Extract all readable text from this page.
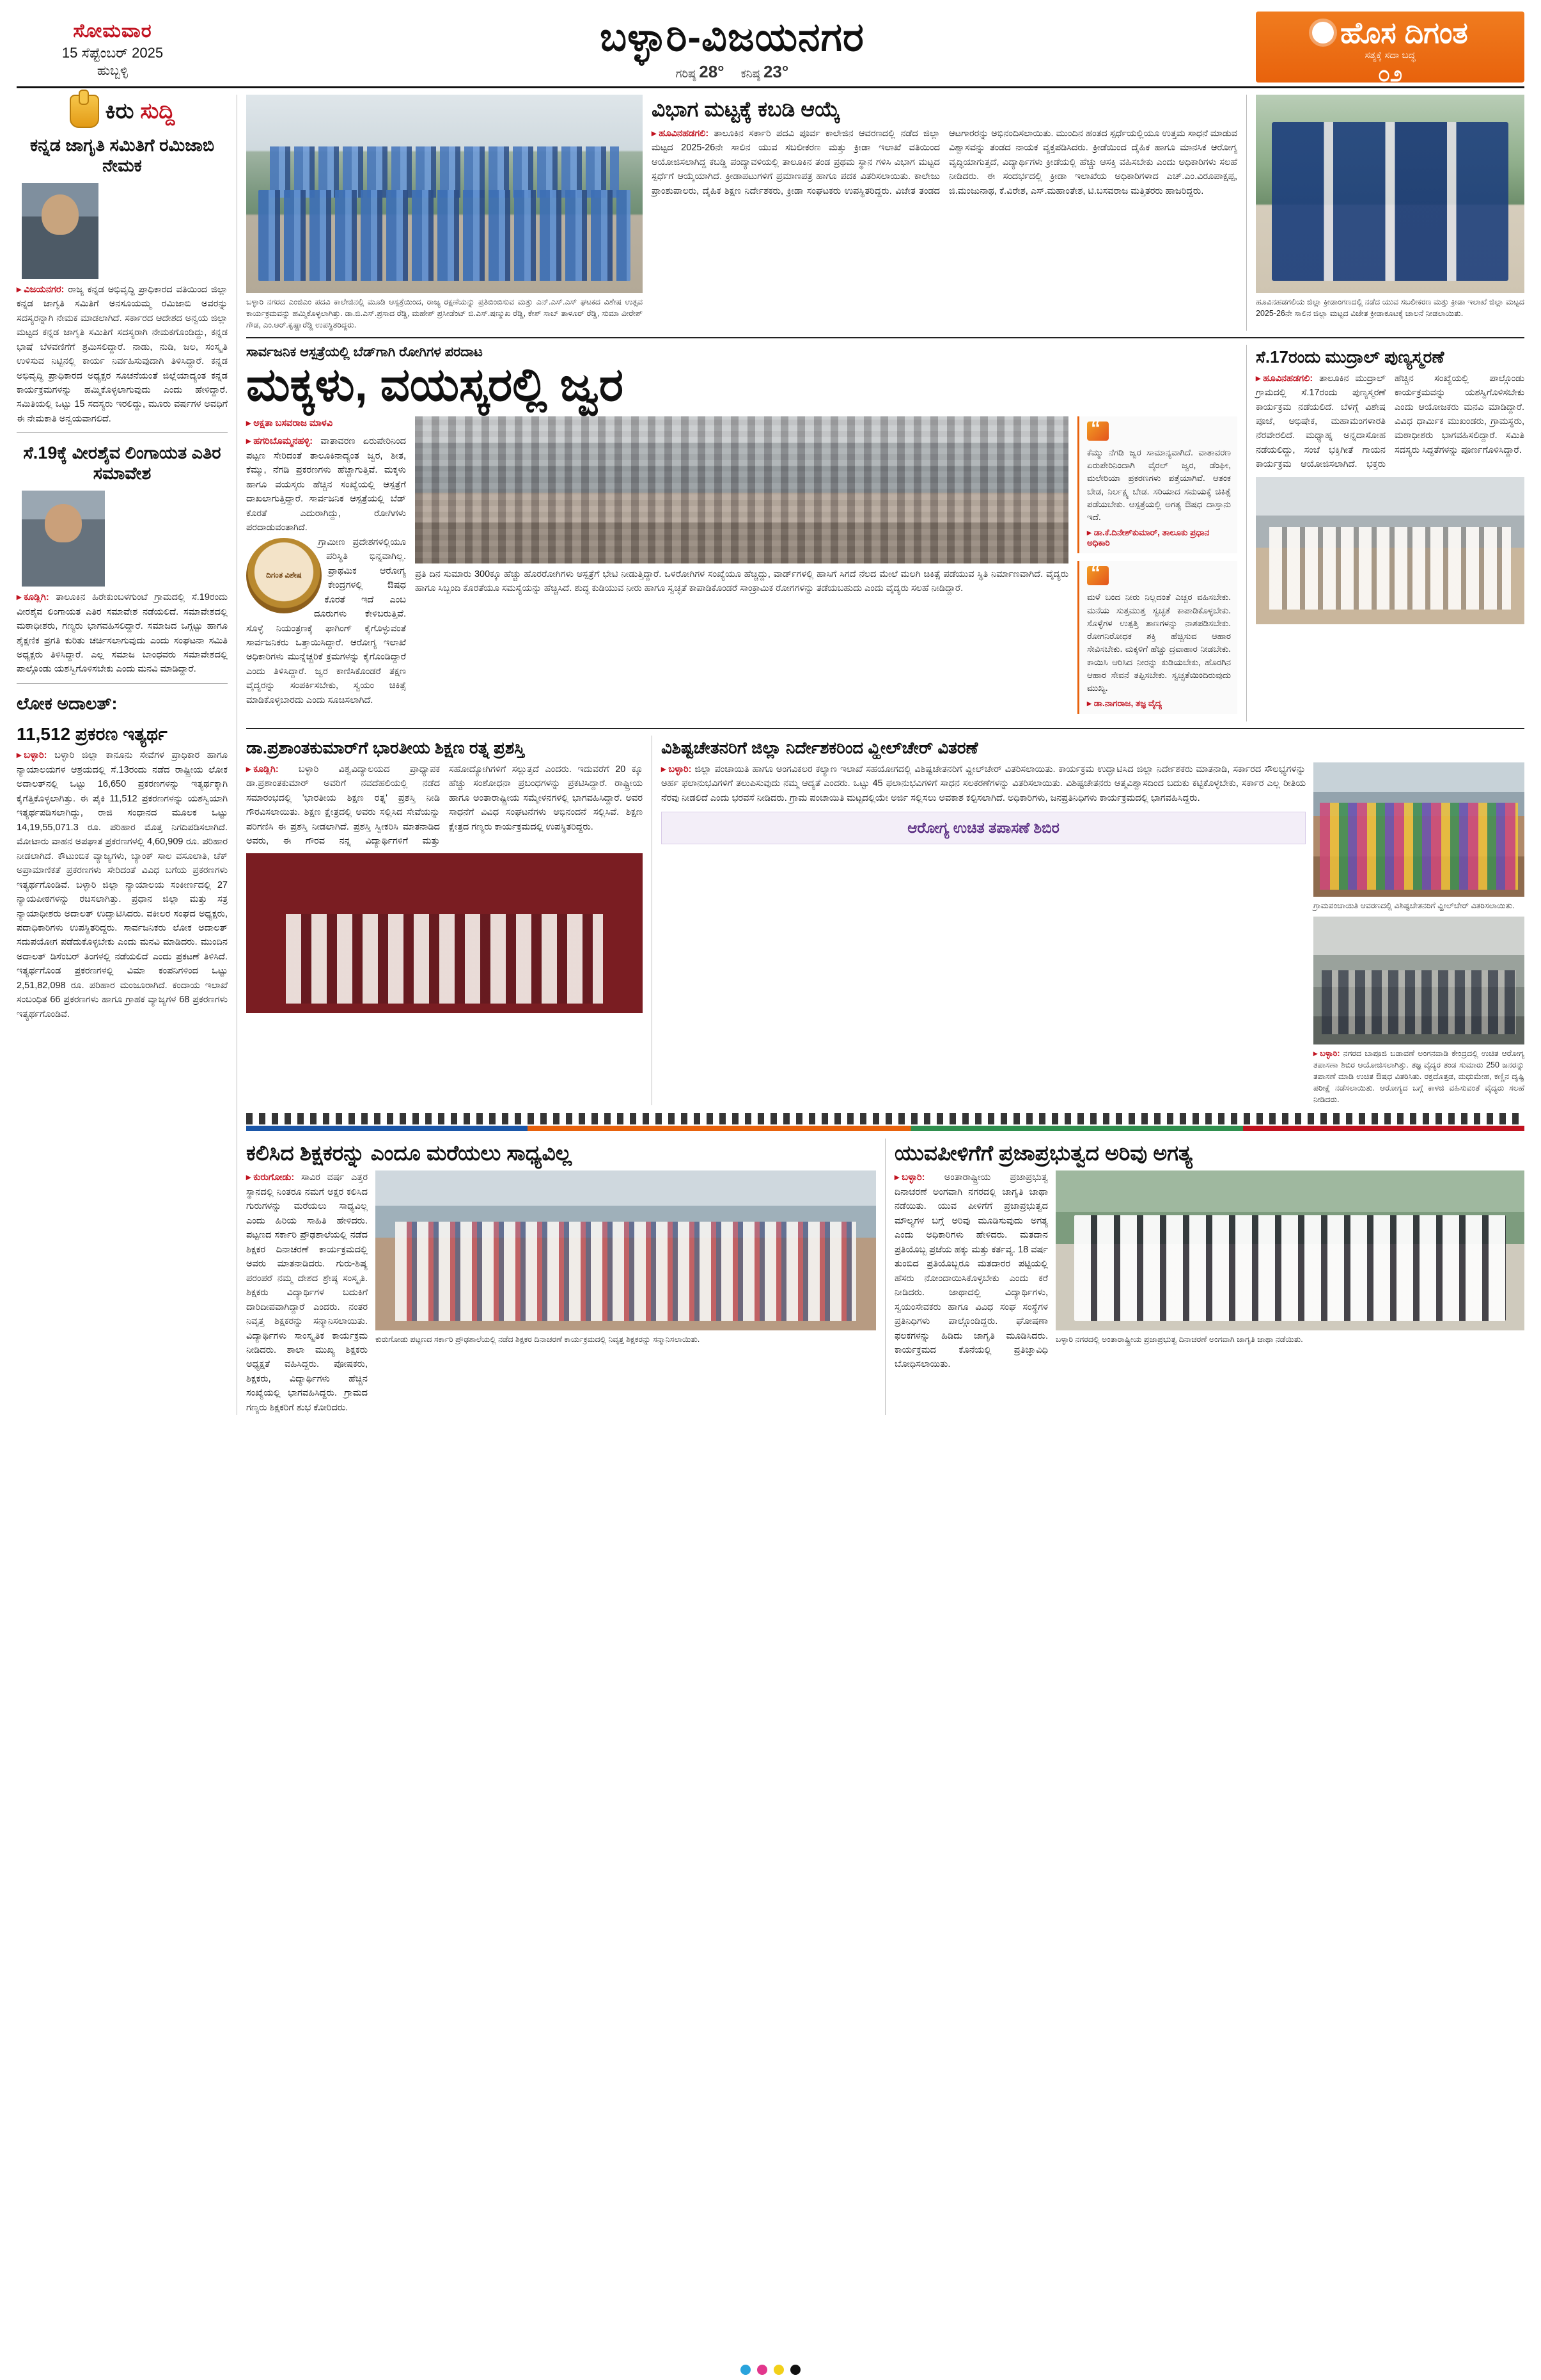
ಸೋಮವಾರ
15 ಸೆಪ್ಟೆಂಬರ್ 2025
ಹುಬ್ಬಳ್ಳಿ
ಬಳ್ಳಾರಿ-ವಿಜಯನಗರ
ಗರಿಷ್ಠ 28° ಕನಿಷ್ಠ 23°
ಹೊಸ ದಿಗಂತ
ಸತ್ಯಕ್ಕೆ ಸದಾ ಬದ್ಧ
೦೨
ಕಿರು ಸುದ್ದಿ
ಕನ್ನಡ ಜಾಗೃತಿ ಸಮಿತಿಗೆ ರಮಿಜಾಬಿ ನೇಮಕ
▸ ವಿಜಯನಗರ: ರಾಜ್ಯ ಕನ್ನಡ ಅಭಿವೃದ್ಧಿ ಪ್ರಾಧಿಕಾರದ ವತಿಯಿಂದ ಜಿಲ್ಲಾ ಕನ್ನಡ ಜಾಗೃತಿ ಸಮಿತಿಗೆ ಅನಸೂಯಮ್ಮ ರಮಿಜಾಬಿ ಅವರನ್ನು ಸದಸ್ಯರನ್ನಾಗಿ ನೇಮಕ ಮಾಡಲಾಗಿದೆ. ಸರ್ಕಾರದ ಆದೇಶದ ಅನ್ವಯ ಜಿಲ್ಲಾ ಮಟ್ಟದ ಕನ್ನಡ ಜಾಗೃತಿ ಸಮಿತಿಗೆ ಸದಸ್ಯರಾಗಿ ನೇಮಕಗೊಂಡಿದ್ದು, ಕನ್ನಡ ಭಾಷೆ ಬೆಳವಣಿಗೆಗೆ ಶ್ರಮಿಸಲಿದ್ದಾರೆ. ನಾಡು, ನುಡಿ, ಜಲ, ಸಂಸ್ಕೃತಿ ಉಳಿಸುವ ನಿಟ್ಟಿನಲ್ಲಿ ಕಾರ್ಯ ನಿರ್ವಹಿಸುವುದಾಗಿ ತಿಳಿಸಿದ್ದಾರೆ. ಕನ್ನಡ ಅಭಿವೃದ್ಧಿ ಪ್ರಾಧಿಕಾರದ ಅಧ್ಯಕ್ಷರ ಸೂಚನೆಯಂತೆ ಜಿಲ್ಲೆಯಾದ್ಯಂತ ಕನ್ನಡ ಕಾರ್ಯಕ್ರಮಗಳನ್ನು ಹಮ್ಮಿಕೊಳ್ಳಲಾಗುವುದು ಎಂದು ಹೇಳಿದ್ದಾರೆ. ಸಮಿತಿಯಲ್ಲಿ ಒಟ್ಟು 15 ಸದಸ್ಯರು ಇರಲಿದ್ದು, ಮೂರು ವರ್ಷಗಳ ಅವಧಿಗೆ ಈ ನೇಮಕಾತಿ ಅನ್ವಯವಾಗಲಿದೆ.
ಸೆ.19ಕ್ಕೆ ವೀರಶೈವ ಲಿಂಗಾಯತ ಎತಿರ ಸಮಾವೇಶ
▸ ಕೂಡ್ಲಿಗಿ: ತಾಲೂಕಿನ ಹಿರೇಕುಂಬಳಗುಂಟೆ ಗ್ರಾಮದಲ್ಲಿ ಸೆ.19ರಂದು ವೀರಶೈವ ಲಿಂಗಾಯತ ಎತಿರ ಸಮಾವೇಶ ನಡೆಯಲಿದೆ. ಸಮಾವೇಶದಲ್ಲಿ ಮಠಾಧೀಶರು, ಗಣ್ಯರು ಭಾಗವಹಿಸಲಿದ್ದಾರೆ. ಸಮಾಜದ ಒಗ್ಗಟ್ಟು ಹಾಗೂ ಶೈಕ್ಷಣಿಕ ಪ್ರಗತಿ ಕುರಿತು ಚರ್ಚಿಸಲಾಗುವುದು ಎಂದು ಸಂಘಟನಾ ಸಮಿತಿ ಅಧ್ಯಕ್ಷರು ತಿಳಿಸಿದ್ದಾರೆ. ಎಲ್ಲ ಸಮಾಜ ಬಾಂಧವರು ಸಮಾವೇಶದಲ್ಲಿ ಪಾಲ್ಗೊಂಡು ಯಶಸ್ವಿಗೊಳಿಸಬೇಕು ಎಂದು ಮನವಿ ಮಾಡಿದ್ದಾರೆ.
ಲೋಕ ಅದಾಲತ್:
11,512 ಪ್ರಕರಣ ಇತ್ಯರ್ಥ
▸ ಬಳ್ಳಾರಿ: ಬಳ್ಳಾರಿ ಜಿಲ್ಲಾ ಕಾನೂನು ಸೇವೆಗಳ ಪ್ರಾಧಿಕಾರ ಹಾಗೂ ನ್ಯಾಯಾಲಯಗಳ ಆಶ್ರಯದಲ್ಲಿ ಸೆ.13ರಂದು ನಡೆದ ರಾಷ್ಟ್ರೀಯ ಲೋಕ ಅದಾಲತ್‌ನಲ್ಲಿ ಒಟ್ಟು 16,650 ಪ್ರಕರಣಗಳನ್ನು ಇತ್ಯರ್ಥಕ್ಕಾಗಿ ಕೈಗೆತ್ತಿಕೊಳ್ಳಲಾಗಿತ್ತು. ಈ ಪೈಕಿ 11,512 ಪ್ರಕರಣಗಳನ್ನು ಯಶಸ್ವಿಯಾಗಿ ಇತ್ಯರ್ಥಪಡಿಸಲಾಗಿದ್ದು, ರಾಜಿ ಸಂಧಾನದ ಮೂಲಕ ಒಟ್ಟು 14,19,55,071.3 ರೂ. ಪರಿಹಾರ ಮೊತ್ತ ನಿಗದಿಪಡಿಸಲಾಗಿದೆ. ಮೋಟಾರು ವಾಹನ ಅಪಘಾತ ಪ್ರಕರಣಗಳಲ್ಲಿ 4,60,909 ರೂ. ಪರಿಹಾರ ನೀಡಲಾಗಿದೆ. ಕೌಟುಂಬಿಕ ವ್ಯಾಜ್ಯಗಳು, ಬ್ಯಾಂಕ್ ಸಾಲ ವಸೂಲಾತಿ, ಚೆಕ್ ಅಪ್ರಾಮಾಣಿಕತೆ ಪ್ರಕರಣಗಳು ಸೇರಿದಂತೆ ವಿವಿಧ ಬಗೆಯ ಪ್ರಕರಣಗಳು ಇತ್ಯರ್ಥಗೊಂಡಿವೆ. ಬಳ್ಳಾರಿ ಜಿಲ್ಲಾ ನ್ಯಾಯಾಲಯ ಸಂಕೀರ್ಣದಲ್ಲಿ 27 ನ್ಯಾಯಪೀಠಗಳನ್ನು ರಚಿಸಲಾಗಿತ್ತು. ಪ್ರಧಾನ ಜಿಲ್ಲಾ ಮತ್ತು ಸತ್ರ ನ್ಯಾಯಾಧೀಶರು ಅದಾಲತ್ ಉದ್ಘಾಟಿಸಿದರು. ವಕೀಲರ ಸಂಘದ ಅಧ್ಯಕ್ಷರು, ಪದಾಧಿಕಾರಿಗಳು ಉಪಸ್ಥಿತರಿದ್ದರು. ಸಾರ್ವಜನಿಕರು ಲೋಕ ಅದಾಲತ್ ಸದುಪಯೋಗ ಪಡೆದುಕೊಳ್ಳಬೇಕು ಎಂದು ಮನವಿ ಮಾಡಿದರು. ಮುಂದಿನ ಅದಾಲತ್ ಡಿಸೆಂಬರ್ ತಿಂಗಳಲ್ಲಿ ನಡೆಯಲಿದೆ ಎಂದು ಪ್ರಕಟಣೆ ತಿಳಿಸಿದೆ. ಇತ್ಯರ್ಥಗೊಂಡ ಪ್ರಕರಣಗಳಲ್ಲಿ ವಿಮಾ ಕಂಪನಿಗಳಿಂದ ಒಟ್ಟು 2,51,82,098 ರೂ. ಪರಿಹಾರ ಮಂಜೂರಾಗಿದೆ. ಕಂದಾಯ ಇಲಾಖೆ ಸಂಬಂಧಿತ 66 ಪ್ರಕರಣಗಳು ಹಾಗೂ ಗ್ರಾಹಕ ವ್ಯಾಜ್ಯಗಳ 68 ಪ್ರಕರಣಗಳು ಇತ್ಯರ್ಥಗೊಂಡಿವೆ.
ಬಳ್ಳಾರಿ ನಗರದ ಎಂಜಿಎಂ ಪದವಿ ಕಾಲೇಜಿನಲ್ಲಿ ಮೂಡಿ ಆಸ್ಪತ್ರೆಯಿಂದ, ರಾಜ್ಯ ರಕ್ಷಣೆಯನ್ನು ಪ್ರತಿಬಿಂಬಿಸುವ ಮತ್ತು ಎನ್.ಎಸ್.ಎಸ್ ಘಟಕದ ವಿಶೇಷ ಉತ್ಸವ ಕಾರ್ಯಕ್ರಮವನ್ನು ಹಮ್ಮಿಕೊಳ್ಳಲಾಗಿತ್ತು. ಡಾ.ಬಿ.ಎಸ್.ಪ್ರಸಾದ ರೆಡ್ಡಿ, ಮಹೇಶ್ ಪ್ರಸೀಡೆಂಟ್ ಬಿ.ಎಸ್.ಷಣ್ಮುಖ ರೆಡ್ಡಿ, ಕೇಶ್ ಸಾಬ್ ತಾಳೂರ್ ರೆಡ್ಡಿ, ಸುಮಾ ವೀರೇಶ್ ಗೌಡ, ಎಂ.ಆರ್.ಕೃಷ್ಣಾರೆಡ್ಡಿ ಉಪಸ್ಥಿತರಿದ್ದರು.
ವಿಭಾಗ ಮಟ್ಟಕ್ಕೆ ಕಬಡಿ ಆಯ್ಕೆ
▸ ಹೂವಿನಹಡಗಲಿ: ತಾಲೂಕಿನ ಸರ್ಕಾರಿ ಪದವಿ ಪೂರ್ವ ಕಾಲೇಜಿನ ಆವರಣದಲ್ಲಿ ನಡೆದ ಜಿಲ್ಲಾ ಮಟ್ಟದ 2025-26ನೇ ಸಾಲಿನ ಯುವ ಸಬಲೀಕರಣ ಮತ್ತು ಕ್ರೀಡಾ ಇಲಾಖೆ ವತಿಯಿಂದ ಆಯೋಜಿಸಲಾಗಿದ್ದ ಕಬಡ್ಡಿ ಪಂದ್ಯಾವಳಿಯಲ್ಲಿ ತಾಲೂಕಿನ ತಂಡ ಪ್ರಥಮ ಸ್ಥಾನ ಗಳಿಸಿ ವಿಭಾಗ ಮಟ್ಟದ ಸ್ಪರ್ಧೆಗೆ ಆಯ್ಕೆಯಾಗಿದೆ. ಕ್ರೀಡಾಪಟುಗಳಿಗೆ ಪ್ರಮಾಣಪತ್ರ ಹಾಗೂ ಪದಕ ವಿತರಿಸಲಾಯಿತು. ಕಾಲೇಜು ಪ್ರಾಂಶುಪಾಲರು, ದೈಹಿಕ ಶಿಕ್ಷಣ ನಿರ್ದೇಶಕರು, ಕ್ರೀಡಾ ಸಂಘಟಕರು ಉಪಸ್ಥಿತರಿದ್ದರು. ವಿಜೇತ ತಂಡದ ಆಟಗಾರರನ್ನು ಅಭಿನಂದಿಸಲಾಯಿತು. ಮುಂದಿನ ಹಂತದ ಸ್ಪರ್ಧೆಯಲ್ಲಿಯೂ ಉತ್ತಮ ಸಾಧನೆ ಮಾಡುವ ವಿಶ್ವಾಸವನ್ನು ತಂಡದ ನಾಯಕ ವ್ಯಕ್ತಪಡಿಸಿದರು. ಕ್ರೀಡೆಯಿಂದ ದೈಹಿಕ ಹಾಗೂ ಮಾನಸಿಕ ಆರೋಗ್ಯ ವೃದ್ಧಿಯಾಗುತ್ತದೆ, ವಿದ್ಯಾರ್ಥಿಗಳು ಕ್ರೀಡೆಯಲ್ಲಿ ಹೆಚ್ಚು ಆಸಕ್ತಿ ವಹಿಸಬೇಕು ಎಂದು ಅಧಿಕಾರಿಗಳು ಸಲಹೆ ನೀಡಿದರು. ಈ ಸಂದರ್ಭದಲ್ಲಿ ಕ್ರೀಡಾ ಇಲಾಖೆಯ ಅಧಿಕಾರಿಗಳಾದ ಎಚ್.ಎಂ.ವಿರೂಪಾಕ್ಷಪ್ಪ, ಜಿ.ಮಂಜುನಾಥ, ಕೆ.ವಿರೇಶ, ಎಸ್.ಮಹಾಂತೇಶ, ಟಿ.ಬಸವರಾಜ ಮತ್ತಿತರರು ಹಾಜರಿದ್ದರು.
ಹೂವಿನಹಡಗಲಿಯ ಜಿಲ್ಲಾ ಕ್ರೀಡಾಂಗಣದಲ್ಲಿ ನಡೆದ ಯುವ ಸಬಲೀಕರಣ ಮತ್ತು ಕ್ರೀಡಾ ಇಲಾಖೆ ಜಿಲ್ಲಾ ಮಟ್ಟದ 2025-26ನೇ ಸಾಲಿನ ಜಿಲ್ಲಾ ಮಟ್ಟದ ವಿಜೇತ ಕ್ರೀಡಾಕೂಟಕ್ಕೆ ಚಾಲನೆ ನೀಡಲಾಯಿತು.
ಸಾರ್ವಜನಿಕ ಆಸ್ಪತ್ರೆಯಲ್ಲಿ ಬೆಡ್‌ಗಾಗಿ ರೋಗಿಗಳ ಪರದಾಟ
ಮಕ್ಕಳು, ವಯಸ್ಕರಲ್ಲಿ ಜ್ವರ
▸ ಅಕ್ಷತಾ ಬಸವರಾಜ ಮಾಳವಿ
▸ ಹಗರಿಬೊಮ್ಮನಹಳ್ಳಿ: ವಾತಾವರಣ ಏರುಪೇರಿನಿಂದ ಪಟ್ಟಣ ಸೇರಿದಂತೆ ತಾಲೂಕಿನಾದ್ಯಂತ ಜ್ವರ, ಶೀತ, ಕೆಮ್ಮು, ನೆಗಡಿ ಪ್ರಕರಣಗಳು ಹೆಚ್ಚಾಗುತ್ತಿವೆ. ಮಕ್ಕಳು ಹಾಗೂ ವಯಸ್ಕರು ಹೆಚ್ಚಿನ ಸಂಖ್ಯೆಯಲ್ಲಿ ಆಸ್ಪತ್ರೆಗೆ ದಾಖಲಾಗುತ್ತಿದ್ದಾರೆ. ಸಾರ್ವಜನಿಕ ಆಸ್ಪತ್ರೆಯಲ್ಲಿ ಬೆಡ್ ಕೊರತೆ ಎದುರಾಗಿದ್ದು, ರೋಗಿಗಳು ಪರದಾಡುವಂತಾಗಿದೆ.
ದಿಗಂತ ವಿಶೇಷ
ಗ್ರಾಮೀಣ ಪ್ರದೇಶಗಳಲ್ಲಿಯೂ ಪರಿಸ್ಥಿತಿ ಭಿನ್ನವಾಗಿಲ್ಲ. ಪ್ರಾಥಮಿಕ ಆರೋಗ್ಯ ಕೇಂದ್ರಗಳಲ್ಲಿ ಔಷಧ ಕೊರತೆ ಇದೆ ಎಂಬ ದೂರುಗಳು ಕೇಳಿಬರುತ್ತಿವೆ. ಸೊಳ್ಳೆ ನಿಯಂತ್ರಣಕ್ಕೆ ಫಾಗಿಂಗ್ ಕೈಗೊಳ್ಳುವಂತೆ ಸಾರ್ವಜನಿಕರು ಒತ್ತಾಯಿಸಿದ್ದಾರೆ. ಆರೋಗ್ಯ ಇಲಾಖೆ ಅಧಿಕಾರಿಗಳು ಮುನ್ನೆಚ್ಚರಿಕೆ ಕ್ರಮಗಳನ್ನು ಕೈಗೊಂಡಿದ್ದಾರೆ ಎಂದು ತಿಳಿಸಿದ್ದಾರೆ. ಜ್ವರ ಕಾಣಿಸಿಕೊಂಡರೆ ತಕ್ಷಣ ವೈದ್ಯರನ್ನು ಸಂಪರ್ಕಿಸಬೇಕು, ಸ್ವಯಂ ಚಿಕಿತ್ಸೆ ಮಾಡಿಕೊಳ್ಳಬಾರದು ಎಂದು ಸೂಚಿಸಲಾಗಿದೆ.
ಪ್ರತಿ ದಿನ ಸುಮಾರು 300ಕ್ಕೂ ಹೆಚ್ಚು ಹೊರರೋಗಿಗಳು ಆಸ್ಪತ್ರೆಗೆ ಭೇಟಿ ನೀಡುತ್ತಿದ್ದಾರೆ. ಒಳರೋಗಿಗಳ ಸಂಖ್ಯೆಯೂ ಹೆಚ್ಚಿದ್ದು, ವಾರ್ಡ್‌ಗಳಲ್ಲಿ ಹಾಸಿಗೆ ಸಿಗದೆ ನೆಲದ ಮೇಲೆ ಮಲಗಿ ಚಿಕಿತ್ಸೆ ಪಡೆಯುವ ಸ್ಥಿತಿ ನಿರ್ಮಾಣವಾಗಿದೆ. ವೈದ್ಯರು ಹಾಗೂ ಸಿಬ್ಬಂದಿ ಕೊರತೆಯೂ ಸಮಸ್ಯೆಯನ್ನು ಹೆಚ್ಚಿಸಿದೆ. ಶುದ್ಧ ಕುಡಿಯುವ ನೀರು ಹಾಗೂ ಸ್ವಚ್ಛತೆ ಕಾಪಾಡಿಕೊಂಡರೆ ಸಾಂಕ್ರಾಮಿಕ ರೋಗಗಳನ್ನು ತಡೆಯಬಹುದು ಎಂದು ವೈದ್ಯರು ಸಲಹೆ ನೀಡಿದ್ದಾರೆ.
“
ಕೆಮ್ಮು ನೆಗಡಿ ಜ್ವರ ಸಾಮಾನ್ಯವಾಗಿದೆ. ವಾತಾವರಣ ಏರುಪೇರಿನಿಂದಾಗಿ ವೈರಲ್ ಜ್ವರ, ಡೆಂಘೀ, ಮಲೇರಿಯಾ ಪ್ರಕರಣಗಳು ಪತ್ತೆಯಾಗಿವೆ. ಆತಂಕ ಬೇಡ, ನಿರ್ಲಕ್ಷ್ಯ ಬೇಡ. ಸರಿಯಾದ ಸಮಯಕ್ಕೆ ಚಿಕಿತ್ಸೆ ಪಡೆಯಬೇಕು. ಆಸ್ಪತ್ರೆಯಲ್ಲಿ ಅಗತ್ಯ ಔಷಧ ದಾಸ್ತಾನು ಇದೆ.
▸ ಡಾ.ಕೆ.ದಿನೇಶ್‌ಕುಮಾರ್, ತಾಲೂಕು ಪ್ರಧಾನ ಅಧಿಕಾರಿ
“
ಮಳೆ ಬಂದ ನೀರು ನಿಲ್ಲದಂತೆ ಎಚ್ಚರ ವಹಿಸಬೇಕು. ಮನೆಯ ಸುತ್ತಮುತ್ತ ಸ್ವಚ್ಛತೆ ಕಾಪಾಡಿಕೊಳ್ಳಬೇಕು. ಸೊಳ್ಳೆಗಳ ಉತ್ಪತ್ತಿ ತಾಣಗಳನ್ನು ನಾಶಪಡಿಸಬೇಕು. ರೋಗನಿರೋಧಕ ಶಕ್ತಿ ಹೆಚ್ಚಿಸುವ ಆಹಾರ ಸೇವಿಸಬೇಕು. ಮಕ್ಕಳಿಗೆ ಹೆಚ್ಚು ದ್ರವಾಹಾರ ನೀಡಬೇಕು. ಕಾಯಿಸಿ ಆರಿಸಿದ ನೀರನ್ನು ಕುಡಿಯಬೇಕು, ಹೊರಗಿನ ಆಹಾರ ಸೇವನೆ ತಪ್ಪಿಸಬೇಕು. ಸ್ವಚ್ಛತೆಯಿಂದಿರುವುದು ಮುಖ್ಯ.
▸ ಡಾ.ನಾಗರಾಜ, ತಜ್ಞ ವೈದ್ಯ
ಸೆ.17ರಂದು ಮುದ್ರಾಲ್ ಪುಣ್ಯಸ್ಮರಣೆ
▸ ಹೂವಿನಹಡಗಲಿ: ತಾಲೂಕಿನ ಮುದ್ರಾಲ್ ಗ್ರಾಮದಲ್ಲಿ ಸೆ.17ರಂದು ಪುಣ್ಯಸ್ಮರಣೆ ಕಾರ್ಯಕ್ರಮ ನಡೆಯಲಿದೆ. ಬೆಳಗ್ಗೆ ವಿಶೇಷ ಪೂಜೆ, ಅಭಿಷೇಕ, ಮಹಾಮಂಗಳಾರತಿ ನೆರವೇರಲಿದೆ. ಮಧ್ಯಾಹ್ನ ಅನ್ನದಾಸೋಹ ನಡೆಯಲಿದ್ದು, ಸಂಜೆ ಭಕ್ತಿಗೀತೆ ಗಾಯನ ಕಾರ್ಯಕ್ರಮ ಆಯೋಜಿಸಲಾಗಿದೆ. ಭಕ್ತರು ಹೆಚ್ಚಿನ ಸಂಖ್ಯೆಯಲ್ಲಿ ಪಾಲ್ಗೊಂಡು ಕಾರ್ಯಕ್ರಮವನ್ನು ಯಶಸ್ವಿಗೊಳಿಸಬೇಕು ಎಂದು ಆಯೋಜಕರು ಮನವಿ ಮಾಡಿದ್ದಾರೆ. ವಿವಿಧ ಧಾರ್ಮಿಕ ಮುಖಂಡರು, ಗ್ರಾಮಸ್ಥರು, ಮಠಾಧೀಶರು ಭಾಗವಹಿಸಲಿದ್ದಾರೆ. ಸಮಿತಿ ಸದಸ್ಯರು ಸಿದ್ಧತೆಗಳನ್ನು ಪೂರ್ಣಗೊಳಿಸಿದ್ದಾರೆ.
ಡಾ.ಪ್ರಶಾಂತಕುಮಾರ್‌ಗೆ ಭಾರತೀಯ ಶಿಕ್ಷಣ ರತ್ನ ಪ್ರಶಸ್ತಿ
▸ ಕೂಡ್ಲಿಗಿ: ಬಳ್ಳಾರಿ ವಿಶ್ವವಿದ್ಯಾಲಯದ ಪ್ರಾಧ್ಯಾಪಕ ಡಾ.ಪ್ರಶಾಂತಕುಮಾರ್ ಅವರಿಗೆ ನವದೆಹಲಿಯಲ್ಲಿ ನಡೆದ ಸಮಾರಂಭದಲ್ಲಿ 'ಭಾರತೀಯ ಶಿಕ್ಷಣ ರತ್ನ' ಪ್ರಶಸ್ತಿ ನೀಡಿ ಗೌರವಿಸಲಾಯಿತು. ಶಿಕ್ಷಣ ಕ್ಷೇತ್ರದಲ್ಲಿ ಅವರು ಸಲ್ಲಿಸಿದ ಸೇವೆಯನ್ನು ಪರಿಗಣಿಸಿ ಈ ಪ್ರಶಸ್ತಿ ನೀಡಲಾಗಿದೆ. ಪ್ರಶಸ್ತಿ ಸ್ವೀಕರಿಸಿ ಮಾತನಾಡಿದ ಅವರು, ಈ ಗೌರವ ನನ್ನ ವಿದ್ಯಾರ್ಥಿಗಳಿಗೆ ಮತ್ತು ಸಹೋದ್ಯೋಗಿಗಳಿಗೆ ಸಲ್ಲುತ್ತದೆ ಎಂದರು. ಇದುವರೆಗೆ 20 ಕ್ಕೂ ಹೆಚ್ಚು ಸಂಶೋಧನಾ ಪ್ರಬಂಧಗಳನ್ನು ಪ್ರಕಟಿಸಿದ್ದಾರೆ. ರಾಷ್ಟ್ರೀಯ ಹಾಗೂ ಅಂತಾರಾಷ್ಟ್ರೀಯ ಸಮ್ಮೇಳನಗಳಲ್ಲಿ ಭಾಗವಹಿಸಿದ್ದಾರೆ. ಅವರ ಸಾಧನೆಗೆ ವಿವಿಧ ಸಂಘಟನೆಗಳು ಅಭಿನಂದನೆ ಸಲ್ಲಿಸಿವೆ. ಶಿಕ್ಷಣ ಕ್ಷೇತ್ರದ ಗಣ್ಯರು ಕಾರ್ಯಕ್ರಮದಲ್ಲಿ ಉಪಸ್ಥಿತರಿದ್ದರು.
ವಿಶಿಷ್ಟಚೇತನರಿಗೆ ಜಿಲ್ಲಾ ನಿರ್ದೇಶಕರಿಂದ ವ್ಹೀಲ್‌ಚೇರ್ ವಿತರಣೆ
▸ ಬಳ್ಳಾರಿ: ಜಿಲ್ಲಾ ಪಂಚಾಯಿತಿ ಹಾಗೂ ಅಂಗವಿಕಲರ ಕಲ್ಯಾಣ ಇಲಾಖೆ ಸಹಯೋಗದಲ್ಲಿ ವಿಶಿಷ್ಟಚೇತನರಿಗೆ ವ್ಹೀಲ್‌ಚೇರ್ ವಿತರಿಸಲಾಯಿತು. ಕಾರ್ಯಕ್ರಮ ಉದ್ಘಾಟಿಸಿದ ಜಿಲ್ಲಾ ನಿರ್ದೇಶಕರು ಮಾತನಾಡಿ, ಸರ್ಕಾರದ ಸೌಲಭ್ಯಗಳನ್ನು ಅರ್ಹ ಫಲಾನುಭವಿಗಳಿಗೆ ತಲುಪಿಸುವುದು ನಮ್ಮ ಆದ್ಯತೆ ಎಂದರು. ಒಟ್ಟು 45 ಫಲಾನುಭವಿಗಳಿಗೆ ಸಾಧನ ಸಲಕರಣೆಗಳನ್ನು ವಿತರಿಸಲಾಯಿತು. ವಿಶಿಷ್ಟಚೇತನರು ಆತ್ಮವಿಶ್ವಾಸದಿಂದ ಬದುಕು ಕಟ್ಟಿಕೊಳ್ಳಬೇಕು, ಸರ್ಕಾರ ಎಲ್ಲ ರೀತಿಯ ನೆರವು ನೀಡಲಿದೆ ಎಂದು ಭರವಸೆ ನೀಡಿದರು. ಗ್ರಾಮ ಪಂಚಾಯಿತಿ ಮಟ್ಟದಲ್ಲಿಯೇ ಅರ್ಜಿ ಸಲ್ಲಿಸಲು ಅವಕಾಶ ಕಲ್ಪಿಸಲಾಗಿದೆ. ಅಧಿಕಾರಿಗಳು, ಜನಪ್ರತಿನಿಧಿಗಳು ಕಾರ್ಯಕ್ರಮದಲ್ಲಿ ಭಾಗವಹಿಸಿದ್ದರು.
ಆರೋಗ್ಯ ಉಚಿತ ತಪಾಸಣೆ ಶಿಬಿರ
ಗ್ರಾಮಪಂಚಾಯಿತಿ ಆವರಣದಲ್ಲಿ ವಿಶಿಷ್ಟಚೇತನರಿಗೆ ವ್ಹೀಲ್‌ಚೇರ್ ವಿತರಿಸಲಾಯಿತು.
▸ ಬಳ್ಳಾರಿ: ನಗರದ ಬಾಪೂಜಿ ಬಡಾವಣೆ ಅಂಗನವಾಡಿ ಕೇಂದ್ರದಲ್ಲಿ ಉಚಿತ ಆರೋಗ್ಯ ತಪಾಸಣಾ ಶಿಬಿರ ಆಯೋಜಿಸಲಾಗಿತ್ತು. ತಜ್ಞ ವೈದ್ಯರ ತಂಡ ಸುಮಾರು 250 ಜನರನ್ನು ತಪಾಸಣೆ ಮಾಡಿ ಉಚಿತ ಔಷಧ ವಿತರಿಸಿತು. ರಕ್ತದೊತ್ತಡ, ಮಧುಮೇಹ, ಕಣ್ಣಿನ ದೃಷ್ಟಿ ಪರೀಕ್ಷೆ ನಡೆಸಲಾಯಿತು. ಆರೋಗ್ಯದ ಬಗ್ಗೆ ಕಾಳಜಿ ವಹಿಸುವಂತೆ ವೈದ್ಯರು ಸಲಹೆ ನೀಡಿದರು.
ಕಲಿಸಿದ ಶಿಕ್ಷಕರನ್ನು ಎಂದೂ ಮರೆಯಲು ಸಾಧ್ಯವಿಲ್ಲ
▸ ಕುರುಗೋಡು: ಸಾವಿರ ವರ್ಷ ಎತ್ತರ ಸ್ಥಾನದಲ್ಲಿ ನಿಂತರೂ ನಮಗೆ ಅಕ್ಷರ ಕಲಿಸಿದ ಗುರುಗಳನ್ನು ಮರೆಯಲು ಸಾಧ್ಯವಿಲ್ಲ ಎಂದು ಹಿರಿಯ ಸಾಹಿತಿ ಹೇಳಿದರು. ಪಟ್ಟಣದ ಸರ್ಕಾರಿ ಪ್ರೌಢಶಾಲೆಯಲ್ಲಿ ನಡೆದ ಶಿಕ್ಷಕರ ದಿನಾಚರಣೆ ಕಾರ್ಯಕ್ರಮದಲ್ಲಿ ಅವರು ಮಾತನಾಡಿದರು. ಗುರು-ಶಿಷ್ಯ ಪರಂಪರೆ ನಮ್ಮ ದೇಶದ ಶ್ರೇಷ್ಠ ಸಂಸ್ಕೃತಿ. ಶಿಕ್ಷಕರು ವಿದ್ಯಾರ್ಥಿಗಳ ಬದುಕಿಗೆ ದಾರಿದೀಪವಾಗಿದ್ದಾರೆ ಎಂದರು. ನಂತರ ನಿವೃತ್ತ ಶಿಕ್ಷಕರನ್ನು ಸನ್ಮಾನಿಸಲಾಯಿತು. ವಿದ್ಯಾರ್ಥಿಗಳು ಸಾಂಸ್ಕೃತಿಕ ಕಾರ್ಯಕ್ರಮ ನೀಡಿದರು. ಶಾಲಾ ಮುಖ್ಯ ಶಿಕ್ಷಕರು ಅಧ್ಯಕ್ಷತೆ ವಹಿಸಿದ್ದರು. ಪೋಷಕರು, ಶಿಕ್ಷಕರು, ವಿದ್ಯಾರ್ಥಿಗಳು ಹೆಚ್ಚಿನ ಸಂಖ್ಯೆಯಲ್ಲಿ ಭಾಗವಹಿಸಿದ್ದರು. ಗ್ರಾಮದ ಗಣ್ಯರು ಶಿಕ್ಷಕರಿಗೆ ಶುಭ ಕೋರಿದರು.
ಕುರುಗೋಡು ಪಟ್ಟಣದ ಸರ್ಕಾರಿ ಪ್ರೌಢಶಾಲೆಯಲ್ಲಿ ನಡೆದ ಶಿಕ್ಷಕರ ದಿನಾಚರಣೆ ಕಾರ್ಯಕ್ರಮದಲ್ಲಿ ನಿವೃತ್ತ ಶಿಕ್ಷಕರನ್ನು ಸನ್ಮಾನಿಸಲಾಯಿತು.
ಯುವಪೀಳಿಗೆಗೆ ಪ್ರಜಾಪ್ರಭುತ್ವದ ಅರಿವು ಅಗತ್ಯ
▸ ಬಳ್ಳಾರಿ: ಅಂತಾರಾಷ್ಟ್ರೀಯ ಪ್ರಜಾಪ್ರಭುತ್ವ ದಿನಾಚರಣೆ ಅಂಗವಾಗಿ ನಗರದಲ್ಲಿ ಜಾಗೃತಿ ಜಾಥಾ ನಡೆಯಿತು. ಯುವ ಪೀಳಿಗೆಗೆ ಪ್ರಜಾಪ್ರಭುತ್ವದ ಮೌಲ್ಯಗಳ ಬಗ್ಗೆ ಅರಿವು ಮೂಡಿಸುವುದು ಅಗತ್ಯ ಎಂದು ಅಧಿಕಾರಿಗಳು ಹೇಳಿದರು. ಮತದಾನ ಪ್ರತಿಯೊಬ್ಬ ಪ್ರಜೆಯ ಹಕ್ಕು ಮತ್ತು ಕರ್ತವ್ಯ. 18 ವರ್ಷ ತುಂಬಿದ ಪ್ರತಿಯೊಬ್ಬರೂ ಮತದಾರರ ಪಟ್ಟಿಯಲ್ಲಿ ಹೆಸರು ನೋಂದಾಯಿಸಿಕೊಳ್ಳಬೇಕು ಎಂದು ಕರೆ ನೀಡಿದರು. ಜಾಥಾದಲ್ಲಿ ವಿದ್ಯಾರ್ಥಿಗಳು, ಸ್ವಯಂಸೇವಕರು ಹಾಗೂ ವಿವಿಧ ಸಂಘ ಸಂಸ್ಥೆಗಳ ಪ್ರತಿನಿಧಿಗಳು ಪಾಲ್ಗೊಂಡಿದ್ದರು. ಘೋಷಣಾ ಫಲಕಗಳನ್ನು ಹಿಡಿದು ಜಾಗೃತಿ ಮೂಡಿಸಿದರು. ಕಾರ್ಯಕ್ರಮದ ಕೊನೆಯಲ್ಲಿ ಪ್ರತಿಜ್ಞಾವಿಧಿ ಬೋಧಿಸಲಾಯಿತು.
ಬಳ್ಳಾರಿ ನಗರದಲ್ಲಿ ಅಂತಾರಾಷ್ಟ್ರೀಯ ಪ್ರಜಾಪ್ರಭುತ್ವ ದಿನಾಚರಣೆ ಅಂಗವಾಗಿ ಜಾಗೃತಿ ಜಾಥಾ ನಡೆಯಿತು.
